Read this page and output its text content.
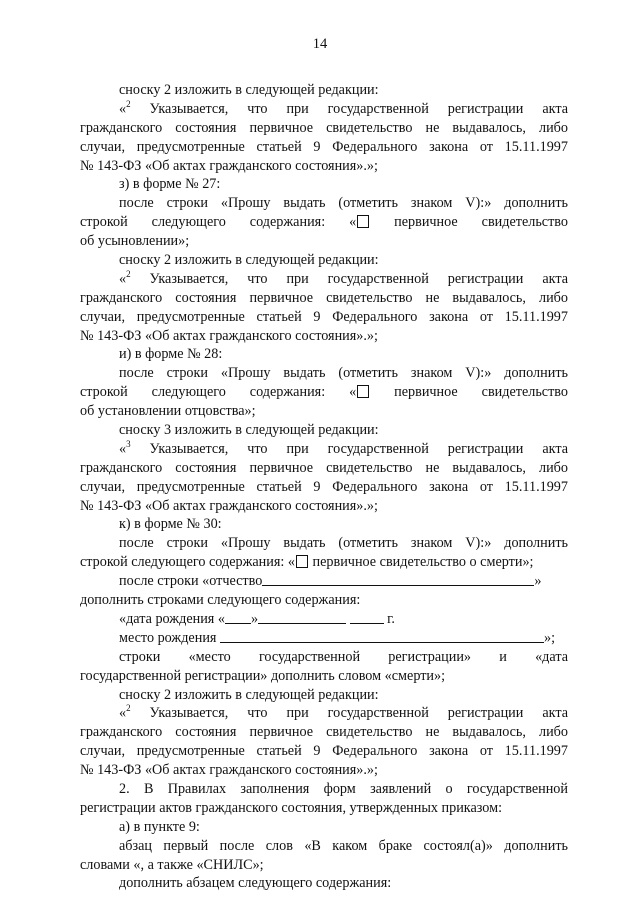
14
сноску 2 изложить в следующей редакции:
«$^2$ Указывается, что при государственной регистрации акта
гражданского состояния первичное свидетельство не выдавалось, либо
случаи, предусмотренные статьей 9 Федерального закона от 15.11.1997
№ 143-ФЗ «Об актах гражданского состояния».»;
з) в форме № 27:
после строки «Прошу выдать (отметить знаком V):» дополнить
строкой следующего содержания: «	первичное свидетельство
об усыновлении»;
сноску 2 изложить в следующей редакции:
«$^2$ Указывается, что при государственной регистрации акта
гражданского состояния первичное свидетельство не выдавалось, либо
случаи, предусмотренные статьей 9 Федерального закона от 15.11.1997
№ 143-ФЗ «Об актах гражданского состояния».»;
и) в форме № 28:
после строки «Прошу выдать (отметить знаком V):» дополнить
строкой следующего содержания: «	первичное свидетельство
об установлении отцовства»;
сноску 3 изложить в следующей редакции:
«$^3$ Указывается, что при государственной регистрации акта
гражданского состояния первичное свидетельство не выдавалось, либо
случаи, предусмотренные статьей 9 Федерального закона от 15.11.1997
№ 143-ФЗ «Об актах гражданского состояния».»;
к) в форме № 30:
после строки «Прошу выдать (отметить знаком V):» дополнить
строкой следующего содержания: « первичное свидетельство о смерти»;
после строки «отчество	»
дополнить строками следующего содержания:
«дата рождения « »	г.
место рождения	»;
строки «место государственной регистрации» и «дата
государственной регистрации» дополнить словом «смерти»;
сноску 2 изложить в следующей редакции:
«$^2$ Указывается, что при государственной регистрации акта
гражданского состояния первичное свидетельство не выдавалось, либо
случаи, предусмотренные статьей 9 Федерального закона от 15.11.1997
№ 143-ФЗ «Об актах гражданского состояния».»;
2. В Правилах заполнения форм заявлений о государственной
регистрации актов гражданского состояния, утвержденных приказом:
а) в пункте 9:
абзац первый после слов «В каком браке состоял(а)» дополнить
словами «, а также «СНИЛС»;
дополнить абзацем следующего содержания:
